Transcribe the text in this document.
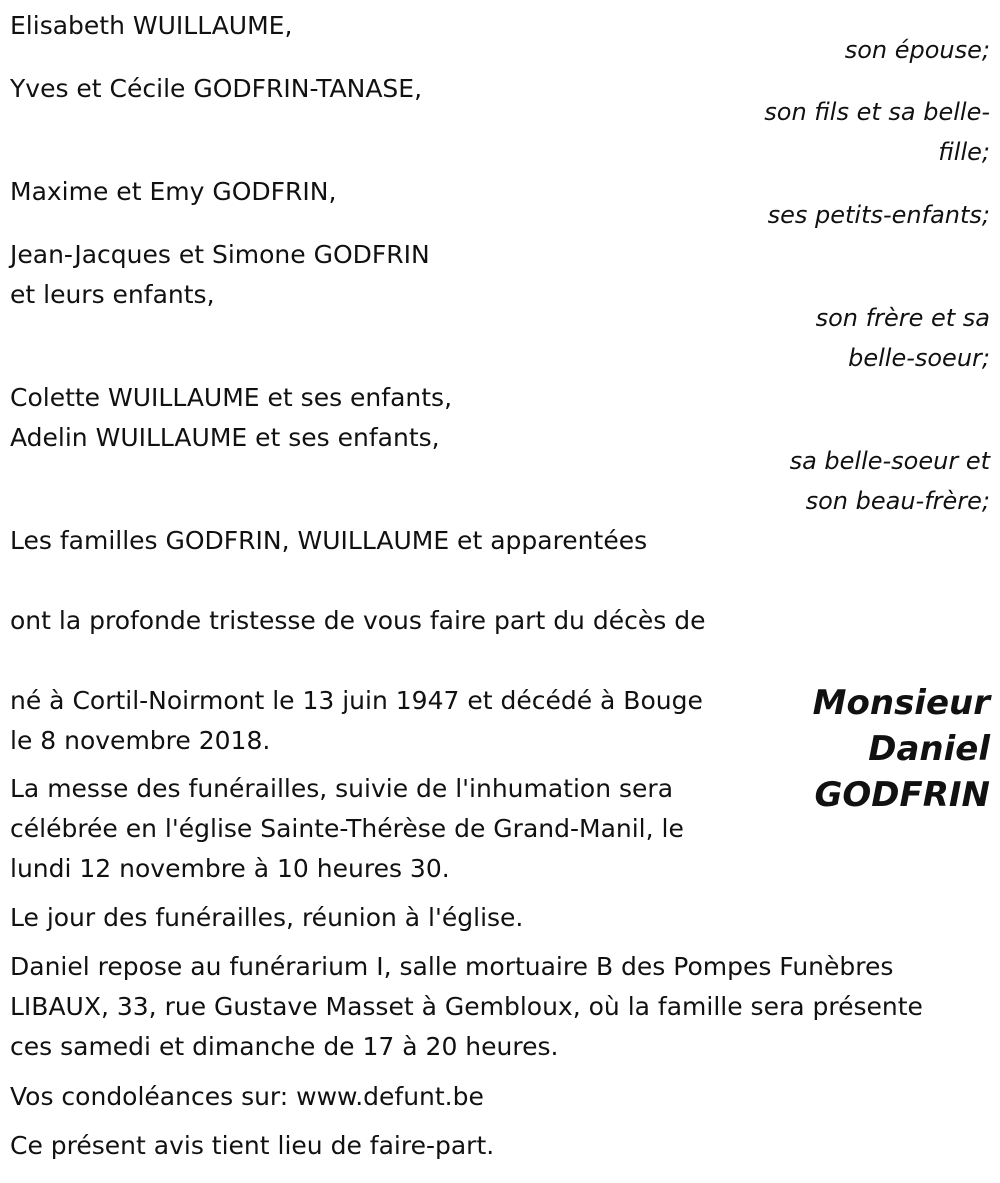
Elisabeth WUILLAUME,
son épouse;
Yves et Cécile GODFRIN-TANASE,
son fils et sa belle-
fille;
Maxime et Emy GODFRIN,
ses petits-enfants;
Jean-Jacques et Simone GODFRIN
et leurs enfants,
son frère et sa
belle-soeur;
Colette WUILLAUME et ses enfants,
Adelin WUILLAUME et ses enfants,
sa belle-soeur et
son beau-frère;
Les familles GODFRIN, WUILLAUME et apparentées
ont la profonde tristesse de vous faire part du décès de
Monsieur
Daniel
GODFRIN
né à Cortil-Noirmont le 13 juin 1947 et décédé à Bouge
le 8 novembre 2018.
La messe des funérailles, suivie de l'inhumation sera
célébrée en l'église Sainte-Thérèse de Grand-Manil, le
lundi 12 novembre à 10 heures 30.
Le jour des funérailles, réunion à l'église.
Daniel repose au funérarium I, salle mortuaire B des Pompes Funèbres
LIBAUX, 33, rue Gustave Masset à Gembloux, où la famille sera présente
ces samedi et dimanche de 17 à 20 heures.
Vos condoléances sur: www.defunt.be
Ce présent avis tient lieu de faire-part.
